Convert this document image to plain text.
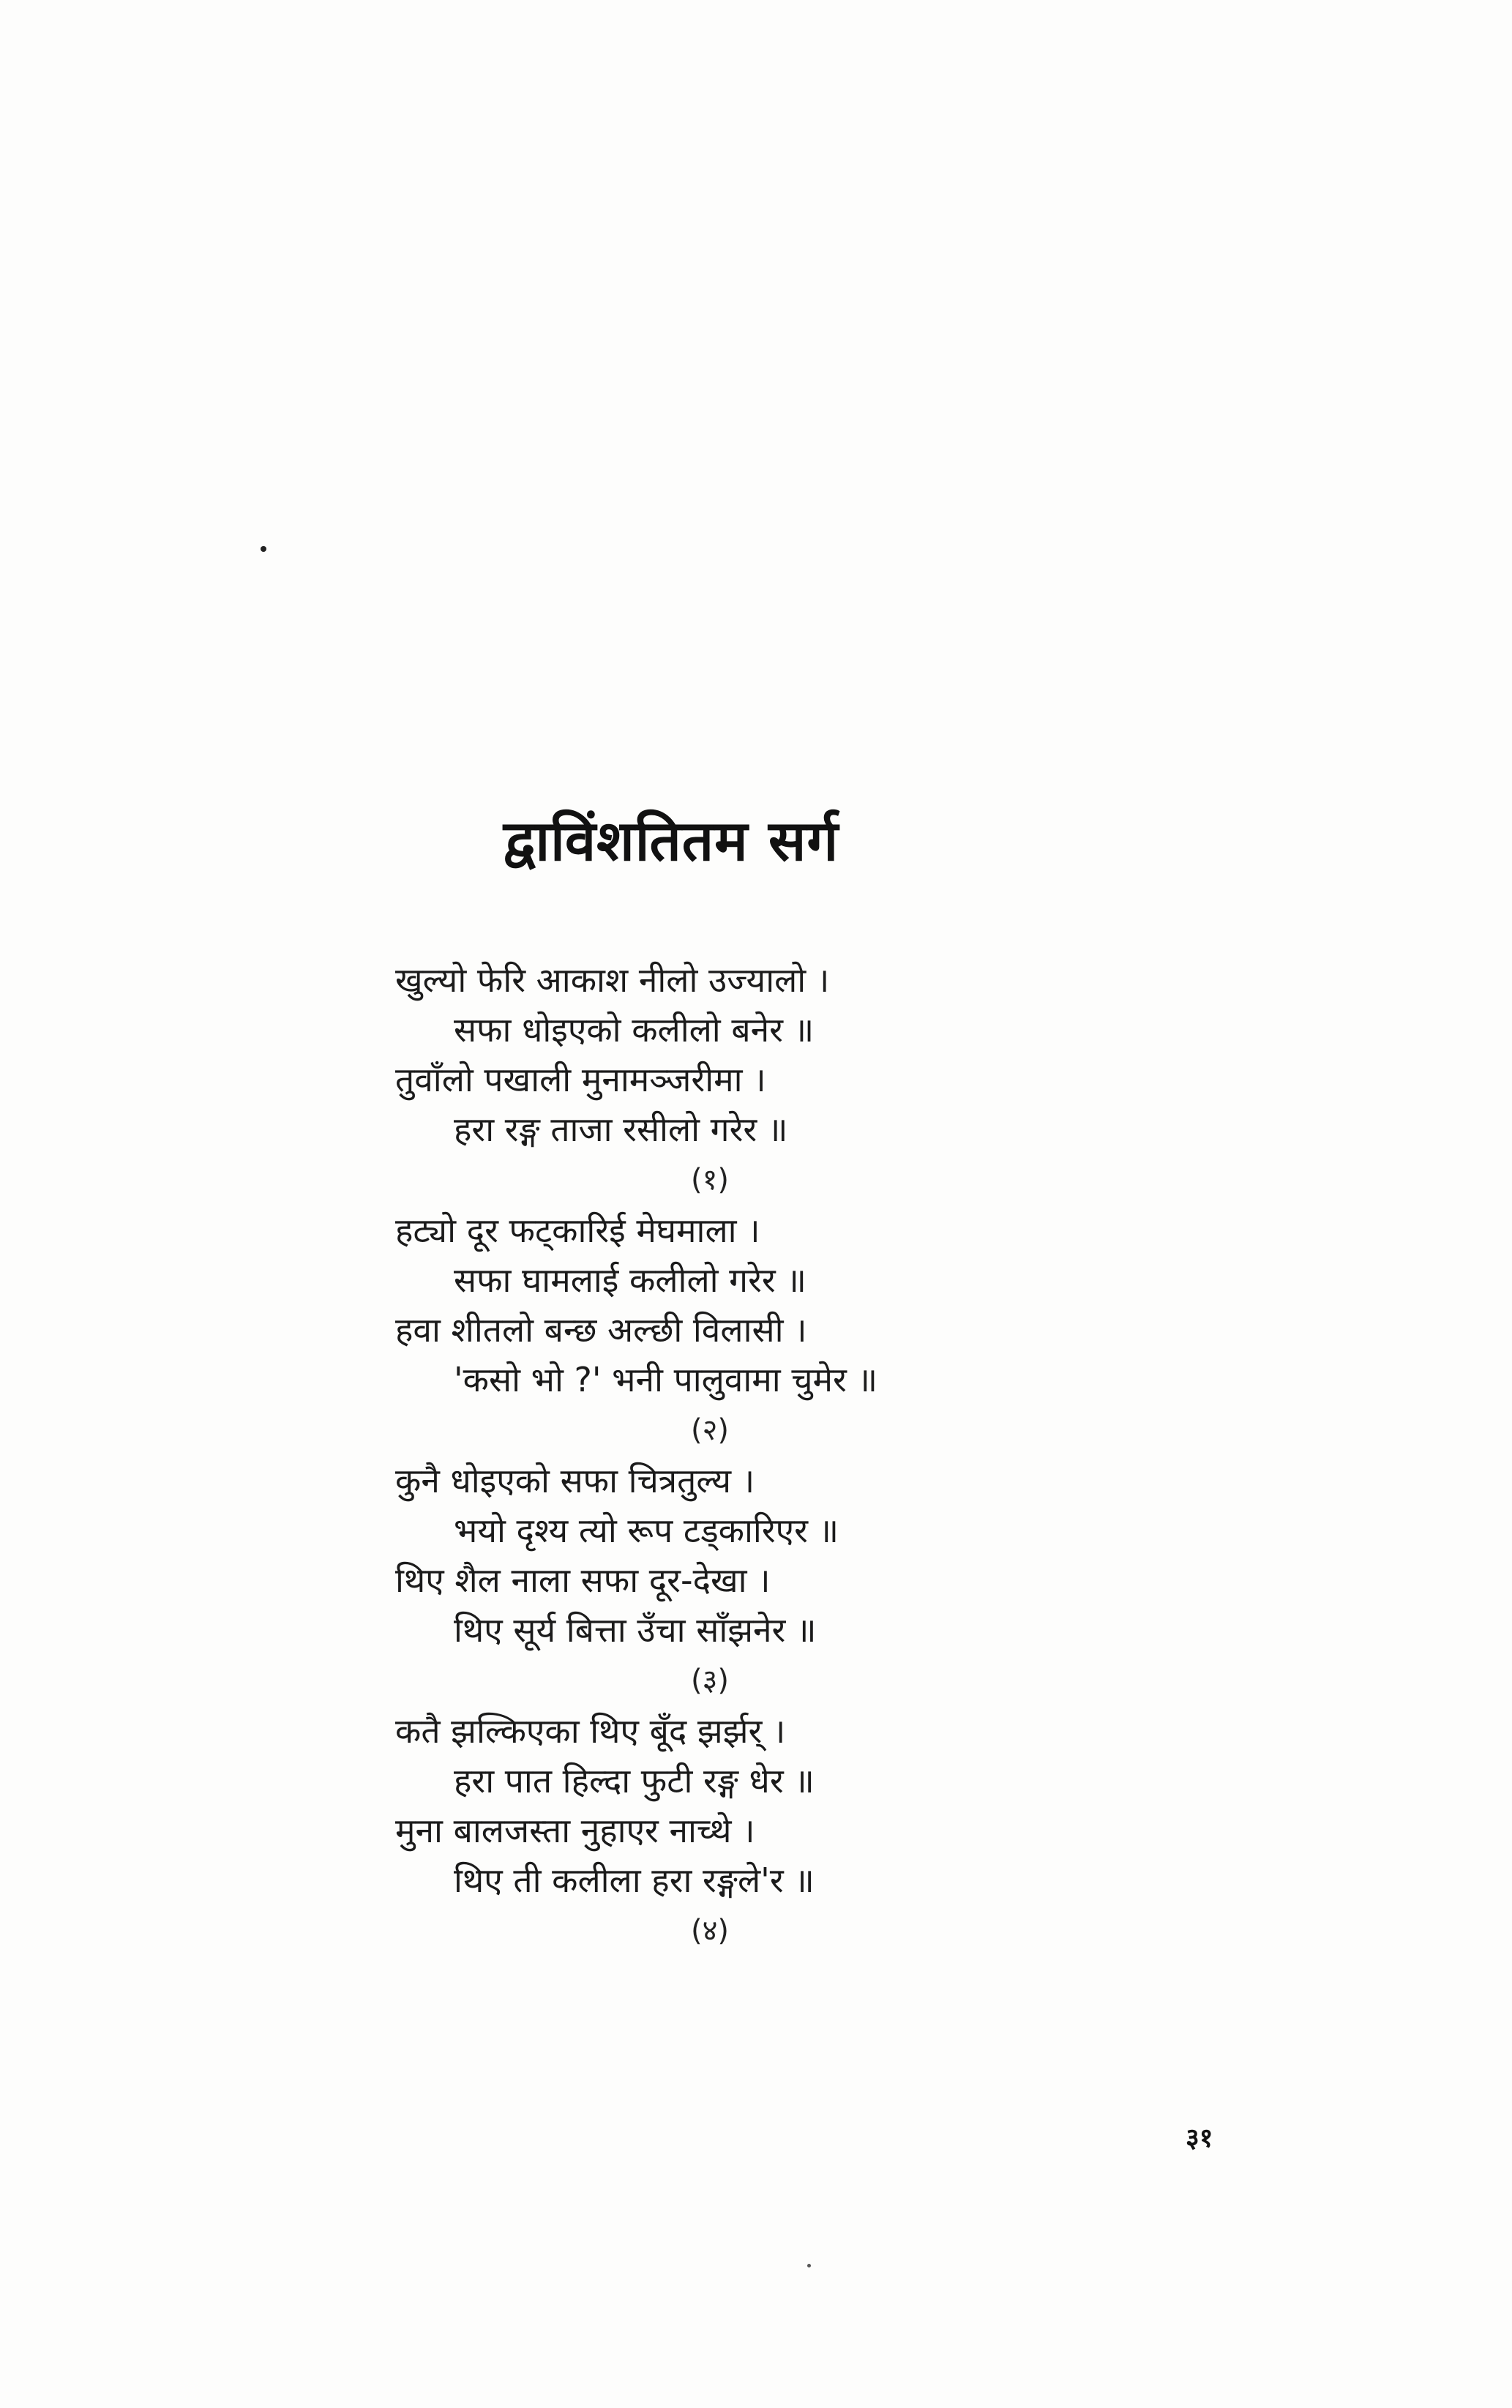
द्वाविंशतितम सर्ग
खुल्यो फेरि आकाश नीलो उज्यालो ।
सफा धोइएको कलीलो बनेर ॥
तुवाँलो पखाली मुनामञ्जरीमा ।
हरा रङ्ग ताजा रसीलो गरेर ॥
(१)
हट्यो दूर फट्कारिई मेघमाला ।
सफा घामलाई कलीलो गरेर ॥
हवा शीतलो बन्छ अल्छी विलासी ।
'कसो भो ?' भनी पालुवामा चुमेर ॥
(२)
कुनै धोइएको सफा चित्रतुल्य ।
भयो दृश्य त्यो रूप टड्कारिएर ॥
थिए शैल नाला सफा दूर-देखा ।
थिए सूर्य बित्ता उँचा साँझनेर ॥
(३)
कतै झल्किएका थिए बूँद झर्झर् ।
हरा पात हिल्दा फुटी रङ्ग धेर ॥
मुना बालजस्ता नुहाएर नाच्थे ।
थिए ती कलीला हरा रङ्गले'र ॥
(४)
३१
